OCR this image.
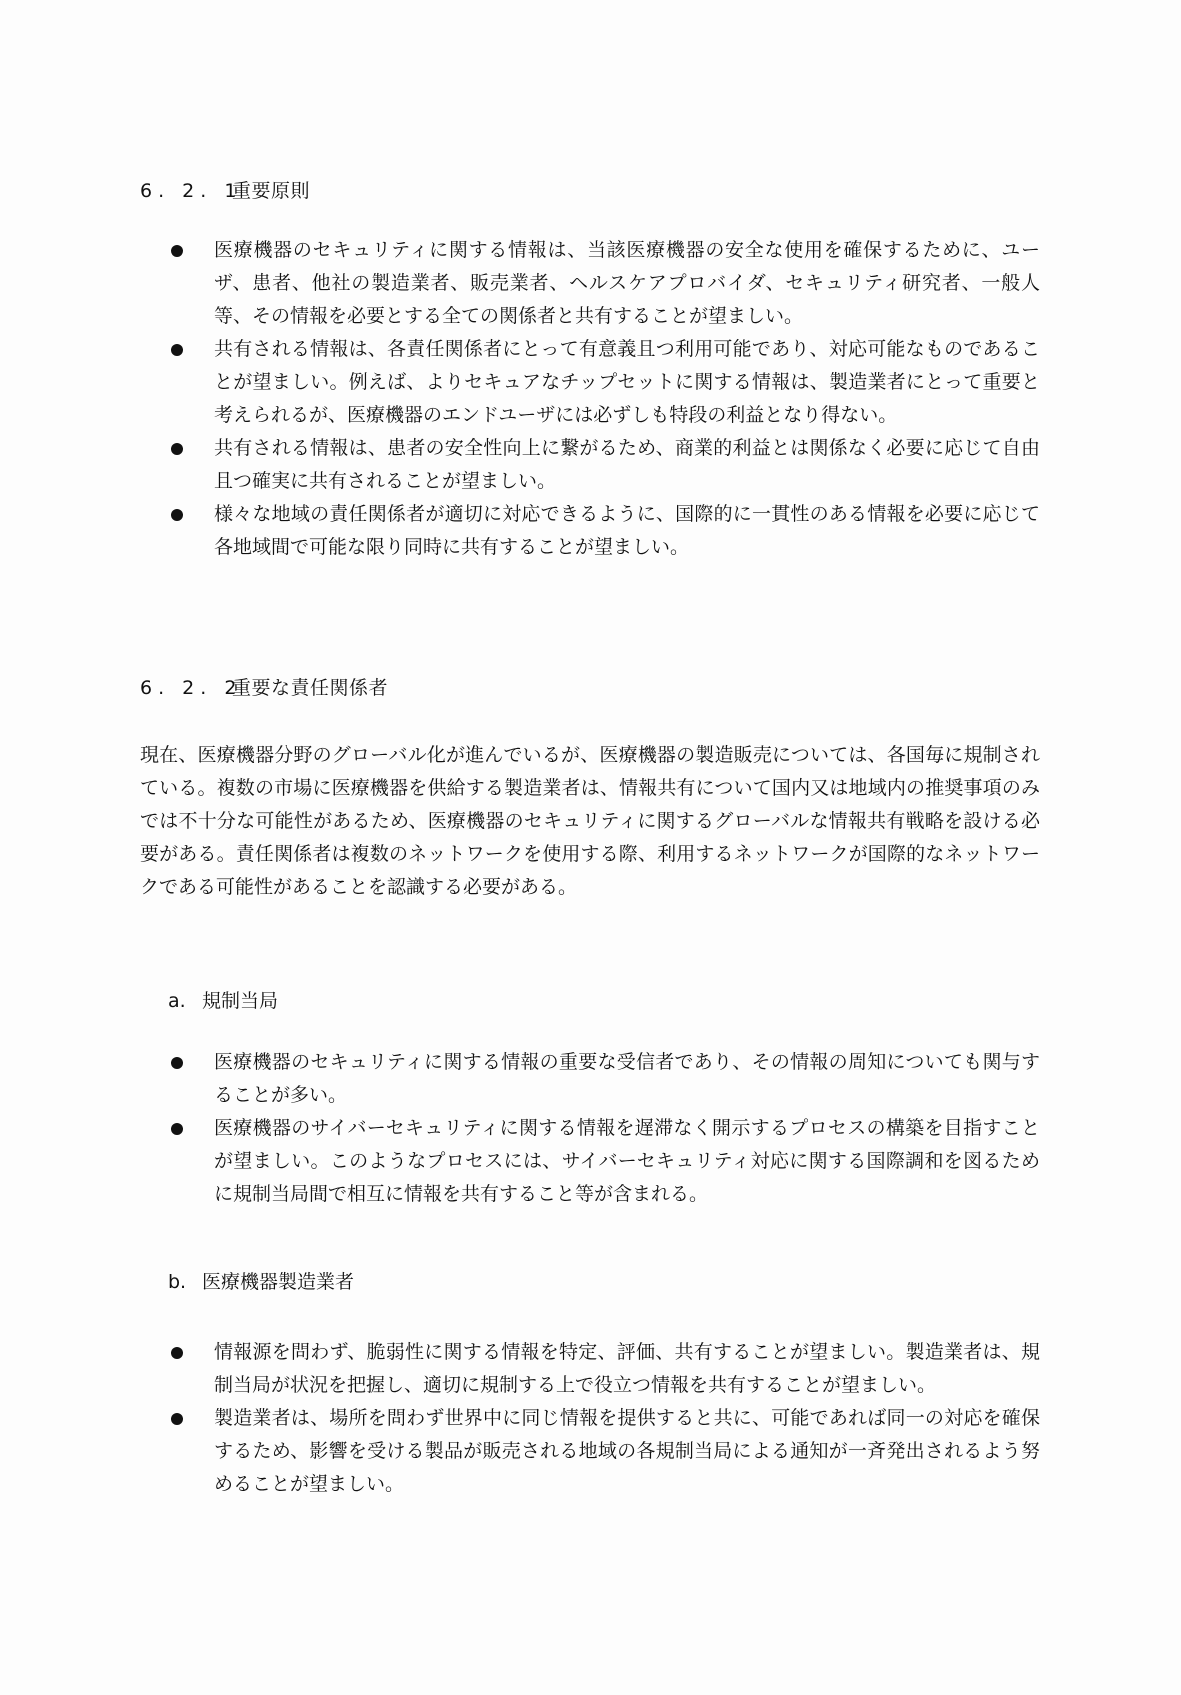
6. 2. 1重要原則
医療機器のセキュリティに関する情報は、当該医療機器の安全な使用を確保するために、ユーザ、患者、他社の製造業者、販売業者、ヘルスケアプロバイダ、セキュリティ研究者、一般人等、その情報を必要とする全ての関係者と共有することが望ましい。
共有される情報は、各責任関係者にとって有意義且つ利用可能であり、対応可能なものであることが望ましい。例えば、よりセキュアなチップセットに関する情報は、製造業者にとって重要と考えられるが、医療機器のエンドユーザには必ずしも特段の利益となり得ない。
共有される情報は、患者の安全性向上に繋がるため、商業的利益とは関係なく必要に応じて自由且つ確実に共有されることが望ましい。
様々な地域の責任関係者が適切に対応できるように、国際的に一貫性のある情報を必要に応じて各地域間で可能な限り同時に共有することが望ましい。
6. 2. 2重要な責任関係者

現在、医療機器分野のグローバル化が進んでいるが、医療機器の製造販売については、各国毎に規制されている。複数の市場に医療機器を供給する製造業者は、情報共有について国内又は地域内の推奨事項のみでは不十分な可能性があるため、医療機器のセキュリティに関するグローバルな情報共有戦略を設ける必要がある。責任関係者は複数のネットワークを使用する際、利用するネットワークが国際的なネットワークである可能性があることを認識する必要がある。

a. 規制当局
医療機器のセキュリティに関する情報の重要な受信者であり、その情報の周知についても関与することが多い。
医療機器のサイバーセキュリティに関する情報を遅滞なく開示するプロセスの構築を目指すことが望ましい。このようなプロセスには、サイバーセキュリティ対応に関する国際調和を図るために規制当局間で相互に情報を共有すること等が含まれる。
b. 医療機器製造業者
情報源を問わず、脆弱性に関する情報を特定、評価、共有することが望ましい。製造業者は、規制当局が状況を把握し、適切に規制する上で役立つ情報を共有することが望ましい。
製造業者は、場所を問わず世界中に同じ情報を提供すると共に、可能であれば同一の対応を確保するため、影響を受ける製品が販売される地域の各規制当局による通知が一斉発出されるよう努めることが望ましい。
